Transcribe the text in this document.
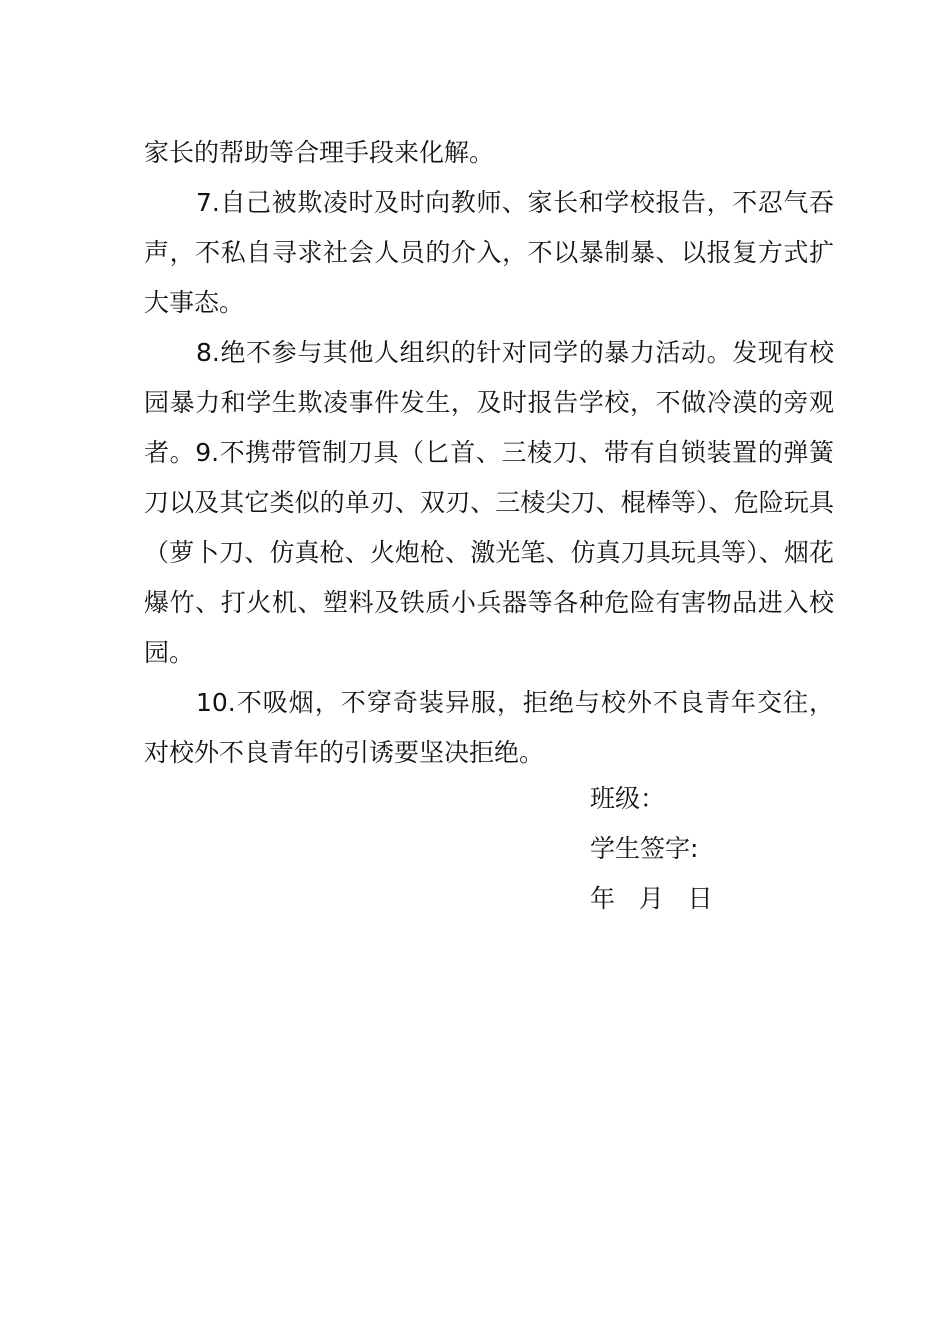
家长的帮助等合理手段来化解。

7.自己被欺凌时及时向教师、家长和学校报告，不忍气吞声，不私自寻求社会人员的介入，不以暴制暴、以报复方式扩大事态。

8.绝不参与其他人组织的针对同学的暴力活动。发现有校园暴力和学生欺凌事件发生，及时报告学校，不做冷漠的旁观者。9.不携带管制刀具（匕首、三棱刀、带有自锁装置的弹簧刀以及其它类似的单刃、双刃、三棱尖刀、棍棒等）、危险玩具（萝卜刀、仿真枪、火炮枪、激光笔、仿真刀具玩具等）、烟花爆竹、打火机、塑料及铁质小兵器等各种危险有害物品进入校园。

10.不吸烟，不穿奇装异服，拒绝与校外不良青年交往，对校外不良青年的引诱要坚决拒绝。

班级：

学生签字:

年   月   日
